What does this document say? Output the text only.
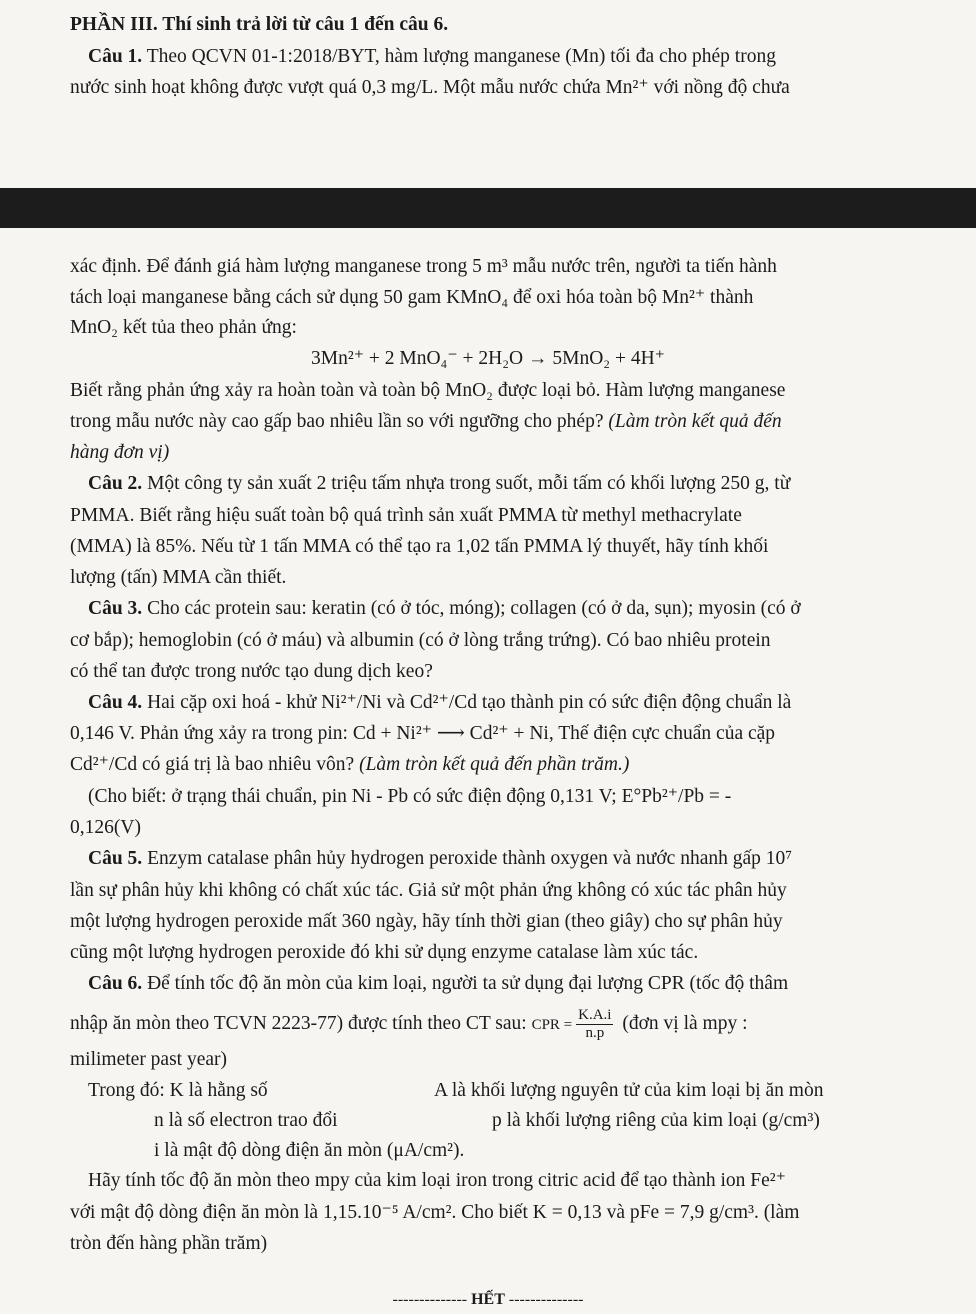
PHẦN III. Thí sinh trả lời từ câu 1 đến câu 6.
Câu 1. Theo QCVN 01-1:2018/BYT, hàm lượng manganese (Mn) tối đa cho phép trong
nước sinh hoạt không được vượt quá 0,3 mg/L. Một mẫu nước chứa Mn²⁺ với nồng độ chưa
xác định. Để đánh giá hàm lượng manganese trong 5 m³ mẫu nước trên, người ta tiến hành
tách loại manganese bằng cách sử dụng 50 gam KMnO₄ để oxi hóa toàn bộ Mn²⁺ thành
MnO₂ kết tủa theo phản ứng:
3Mn²⁺ + 2 MnO₄⁻ + 2H₂O → 5MnO₂ + 4H⁺
Biết rằng phản ứng xảy ra hoàn toàn và toàn bộ MnO₂ được loại bỏ. Hàm lượng manganese
trong mẫu nước này cao gấp bao nhiêu lần so với ngưỡng cho phép? (Làm tròn kết quả đến
hàng đơn vị)
Câu 2. Một công ty sản xuất 2 triệu tấm nhựa trong suốt, mỗi tấm có khối lượng 250 g, từ
PMMA. Biết rằng hiệu suất toàn bộ quá trình sản xuất PMMA từ methyl methacrylate
(MMA) là 85%. Nếu từ 1 tấn MMA có thể tạo ra 1,02 tấn PMMA lý thuyết, hãy tính khối
lượng (tấn) MMA cần thiết.
Câu 3. Cho các protein sau: keratin (có ở tóc, móng); collagen (có ở da, sụn); myosin (có ở
cơ bắp); hemoglobin (có ở máu) và albumin (có ở lòng trắng trứng). Có bao nhiêu protein
có thể tan được trong nước tạo dung dịch keo?
Câu 4. Hai cặp oxi hoá - khử Ni²⁺/Ni và Cd²⁺/Cd tạo thành pin có sức điện động chuẩn là
0,146 V. Phản ứng xảy ra trong pin: Cd + Ni²⁺ ⟶ Cd²⁺ + Ni, Thế điện cực chuẩn của cặp
Cd²⁺/Cd có giá trị là bao nhiêu vôn? (Làm tròn kết quả đến phần trăm.)
(Cho biết: ở trạng thái chuẩn, pin Ni - Pb có sức điện động 0,131 V; E°Pb²⁺/Pb = -
0,126(V)
Câu 5. Enzym catalase phân hủy hydrogen peroxide thành oxygen và nước nhanh gấp 10⁷
lần sự phân hủy khi không có chất xúc tác. Giả sử một phản ứng không có xúc tác phân hủy
một lượng hydrogen peroxide mất 360 ngày, hãy tính thời gian (theo giây) cho sự phân hủy
cũng một lượng hydrogen peroxide đó khi sử dụng enzyme catalase làm xúc tác.
Câu 6. Để tính tốc độ ăn mòn của kim loại, người ta sử dụng đại lượng CPR (tốc độ thâm
nhập ăn mòn theo TCVN 2223-77) được tính theo CT sau: CPR = $\frac{K.A.i}{n.p}$ (đơn vị là mpy :
milimeter past year)
Trong đó: K là hằng số	A là khối lượng nguyên tử của kim loại bị ăn mòn
n là số electron trao đổi	p là khối lượng riêng của kim loại (g/cm³)
i là mật độ dòng điện ăn mòn (μA/cm²).
Hãy tính tốc độ ăn mòn theo mpy của kim loại iron trong citric acid để tạo thành ion Fe²⁺
với mật độ dòng điện ăn mòn là 1,15.10⁻⁵ A/cm². Cho biết K = 0,13 và pFe = 7,9 g/cm³. (làm
tròn đến hàng phần trăm)
-------------- HẾT --------------
